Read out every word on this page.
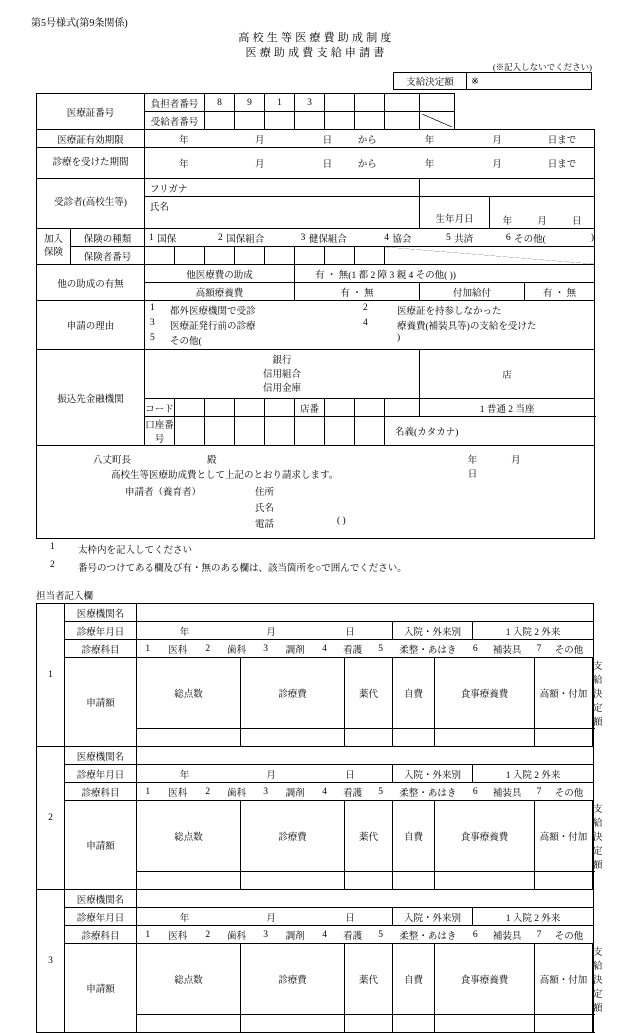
第5号様式(第9条関係)
高校生等医療費助成制度
医療助成費支給申請書
(※記入しないでください)
支給決定額	※
医療証番号		負担者番号		8	9	1	3							
		受給者番号												
医療証有効期限	年	月	日	から	年	月	日まで

診療を受けた期間	年	月	日	から	年	月	日まで

受診者(高校生等)		フリガナ												
		氏名									生年月日		年 月 日	

加入
保険
	保険の種類	1 国保	2 国保組合	3 健保組合	4 協会	5 共済	6 その他(	)

	保険者番号													
他の助成の有無		他医療費の助成					有 ・ 無(1 都 2 障 3 親 4 その他( ))							
		高額療養費					有 ・ 無				付加給付			有 ・ 無
申請の理由	
1 都外医療機関で受診	2	医療証を持参しなかった
3 医療証発行前の診療	4	療養費(補装具等)の支給を受けた
5 その他(	)

振込先金融機関		銀行
信用組合
信用金庫									店			
		コード					店番				1 普通 2 当座			
		口座番号								名義(カタカナ)				

八丈町長	殿	年	月 日
高校生等医療助成費として上記のとおり請求します。
申請者（養育者）	住所
氏名
電話	( )
1 太枠内を記入してください
2 番号のつけてある欄及び有・無のある欄は、該当箇所を○で囲んでください。
担当者記入欄
1	医療機関名								
	診療年月日	年 月 日			入院・外来別		1 入院 2 外来		
診療科目	1	医科	2	歯科	3	調剤	4	看護	5	柔整・あはき	6	補装具	7	その他

	申請額	総点数	診療費	薬代	自費	食事療養費		高額・付加	支給決定額

2	医療機関名								
	診療年月日	年 月 日			入院・外来別		1 入院 2 外来		
診療科目	1	医科	2	歯科	3	調剤	4	看護	5	柔整・あはき	6	補装具	7	その他

	申請額	総点数	診療費	薬代	自費	食事療養費		高額・付加	支給決定額

3	医療機関名								
	診療年月日	年 月 日			入院・外来別		1 入院 2 外来		
診療科目	1	医科	2	歯科	3	調剤	4	看護	5	柔整・あはき	6	補装具	7	その他

	申請額	総点数	診療費	薬代	自費	食事療養費		高額・付加	支給決定額
